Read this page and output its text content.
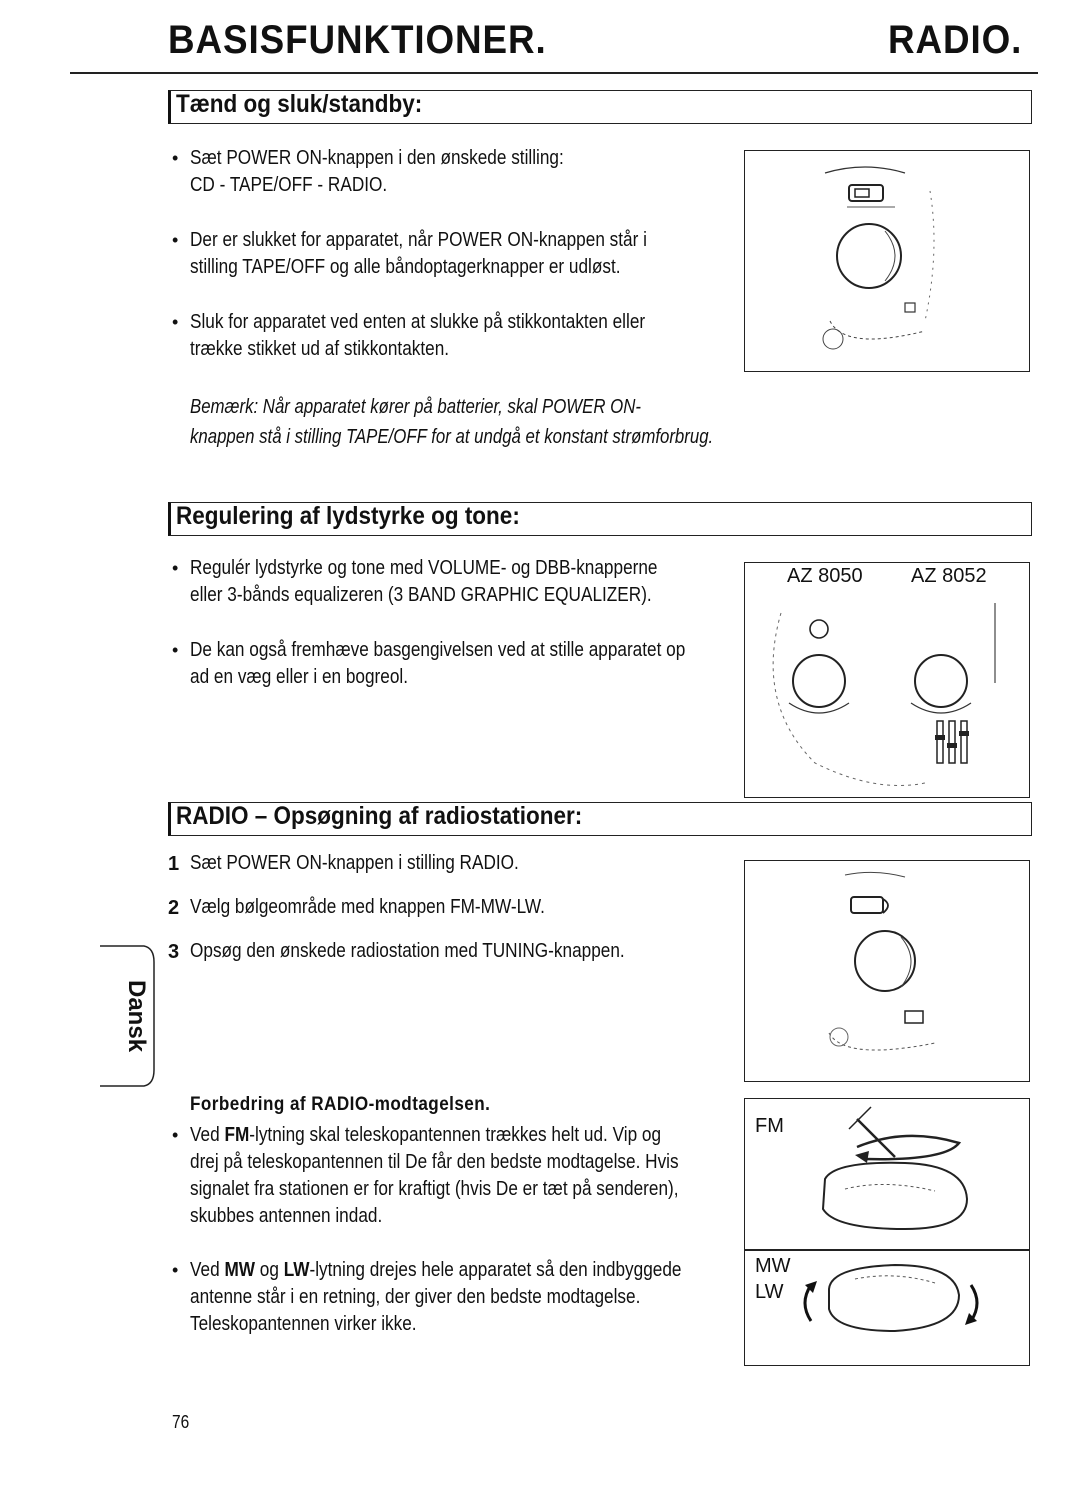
BASISFUNKTIONER.	RADIO.
Tænd og sluk/standby:
• Sæt POWER ON-knappen i den ønskede stilling:
CD - TAPE/OFF - RADIO.
• Der er slukket for apparatet, når POWER ON-knappen står i
stilling TAPE/OFF og alle båndoptagerknapper er udløst.
• Sluk for apparatet ved enten at slukke på stikkontakten eller
trække stikket ud af stikkontakten.
Bemærk: Når apparatet kører på batterier, skal POWER ON-
knappen stå i stilling TAPE/OFF for at undgå et konstant strømforbrug.
Regulering af lydstyrke og tone:
• Regulér lydstyrke og tone med VOLUME- og DBB-knapperne
eller 3-bånds equalizeren (3 BAND GRAPHIC EQUALIZER).
• De kan også fremhæve basgengivelsen ved at stille apparatet op
ad en væg eller i en bogreol.
AZ 8050 AZ 8052
RADIO – Opsøgning af radiostationer:
1 Sæt POWER ON-knappen i stilling RADIO.
2 Vælg bølgeområde med knappen FM-MW-LW.
3 Opsøg den ønskede radiostation med TUNING-knappen.
Forbedring af RADIO-modtagelsen.
• Ved FM-lytning skal teleskopantennen trækkes helt ud. Vip og
drej på teleskopantennen til De får den bedste modtagelse. Hvis
signalet fra stationen er for kraftigt (hvis De er tæt på senderen),
skubbes antennen indad.
• Ved MW og LW-lytning drejes hele apparatet så den indbyggede
antenne står i en retning, der giver den bedste modtagelse.
Teleskopantennen virker ikke.
FM
MW
LW
Dansk
76
